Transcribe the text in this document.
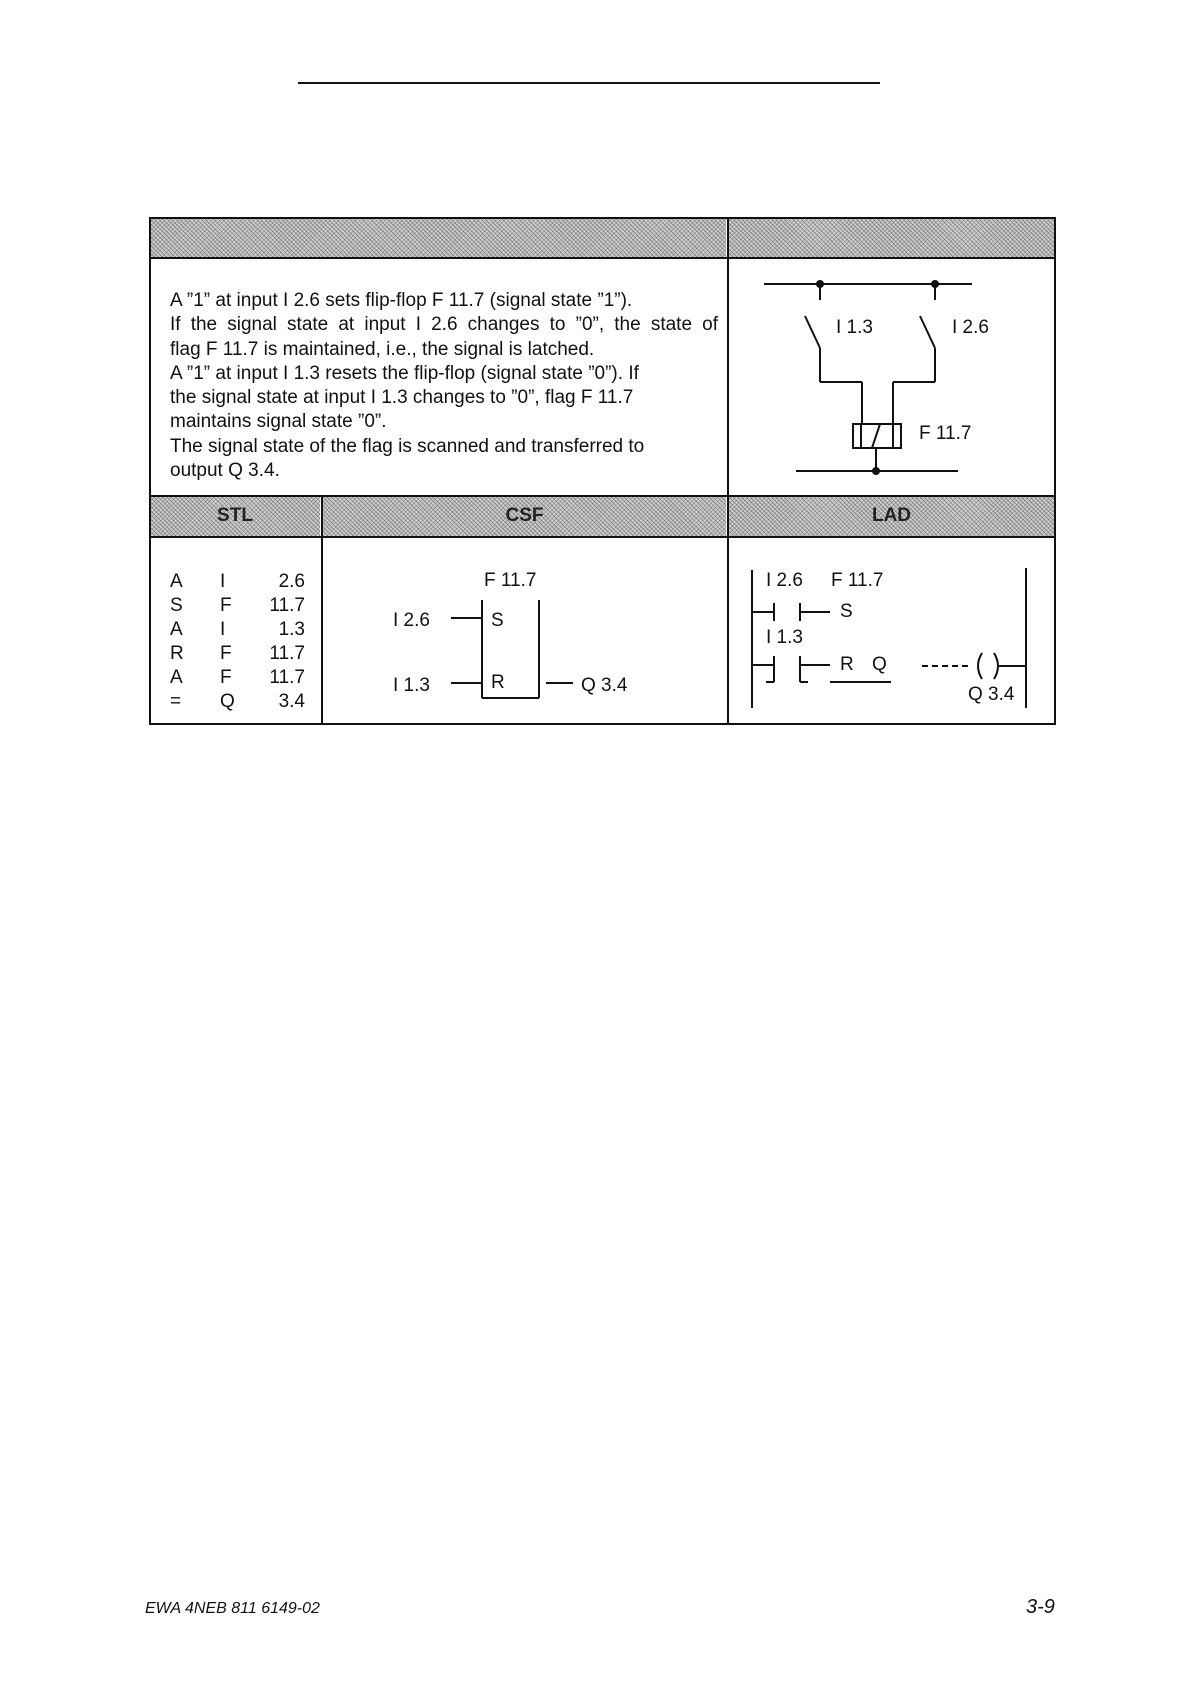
A ”1” at input I 2.6 sets flip-flop F 11.7 (signal state ”1”).
If the signal state at input I 2.6 changes to ”0”, the state of
flag F 11.7 is maintained, i.e., the signal is latched.
A ”1” at input I 1.3 resets the flip-flop (signal state ”0”). If
the signal state at input I 1.3 changes to ”0”, flag F 11.7
maintains signal state ”0”.
The signal state of the flag is scanned and transferred to
output Q 3.4.
I 1.3	I 2.6
F 11.7
STL	CSF	LAD
A I	2.6
S F 11.7
A I	1.3
R F 11.7
A F 11.7
= Q 3.4
F 11.7
I 2.6	S
I 1.3	R	Q 3.4
I 2.6 F 11.7
S
I 1.3
R Q
Q 3.4
EWA 4NEB 811 6149-02	3-9
